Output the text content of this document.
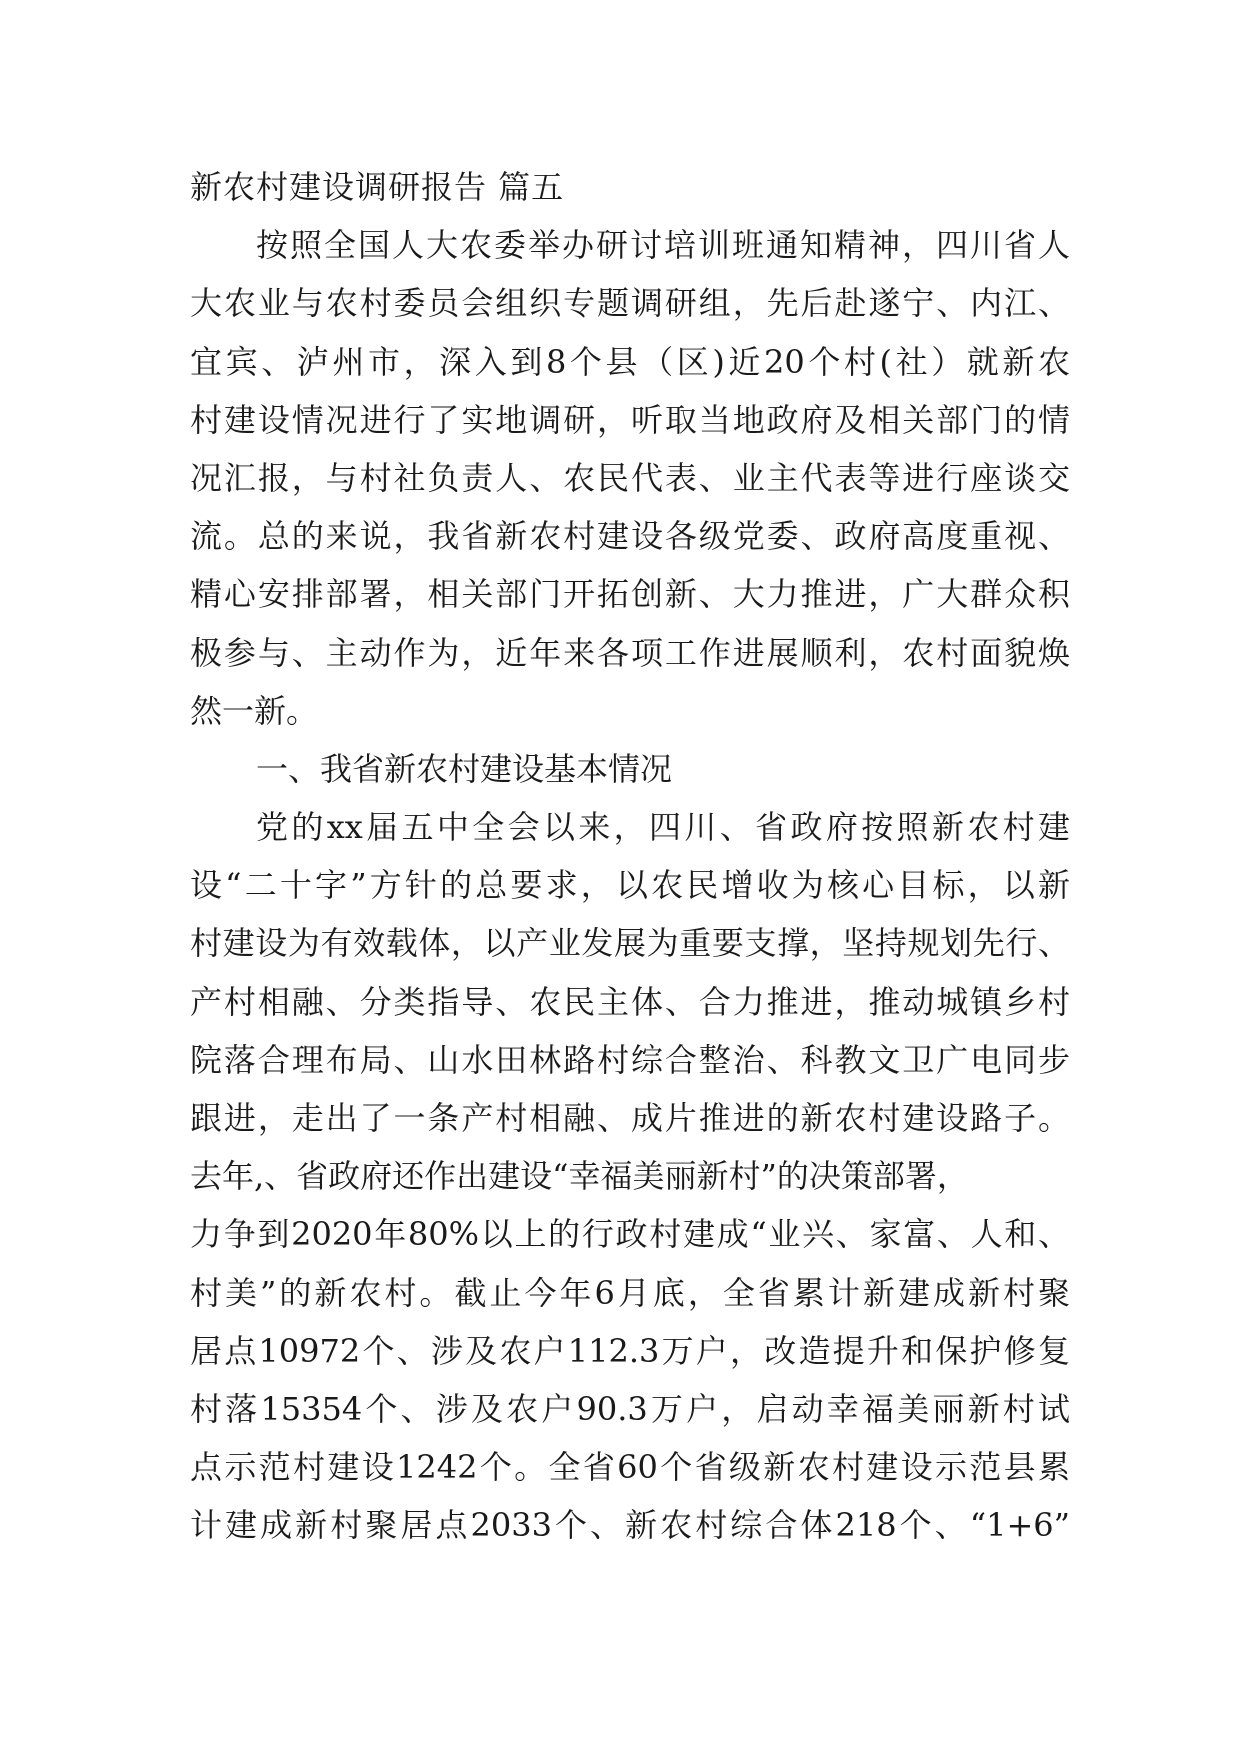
新农村建设调研报告 篇五
按照全国人大农委举办研讨培训班通知精神，四川省人
大农业与农村委员会组织专题调研组，先后赴遂宁、内江、
宜宾、泸州市，深入到8个县（区)近20个村(社）就新农
村建设情况进行了实地调研，听取当地政府及相关部门的情
况汇报，与村社负责人、农民代表、业主代表等进行座谈交
流。总的来说，我省新农村建设各级党委、政府高度重视、
精心安排部署，相关部门开拓创新、大力推进，广大群众积
极参与、主动作为，近年来各项工作进展顺利，农村面貌焕
然一新。
一、我省新农村建设基本情况
党的xx届五中全会以来，四川、省政府按照新农村建
设“二十字”方针的总要求，以农民增收为核心目标，以新
村建设为有效载体，以产业发展为重要支撑，坚持规划先行、
产村相融、分类指导、农民主体、合力推进，推动城镇乡村
院落合理布局、山水田林路村综合整治、科教文卫广电同步
跟进，走出了一条产村相融、成片推进的新农村建设路子。
去年,、省政府还作出建设“幸福美丽新村”的决策部署，
力争到2020年80%以上的行政村建成“业兴、家富、人和、
村美”的新农村。截止今年6月底，全省累计新建成新村聚
居点10972个、涉及农户112.3万户，改造提升和保护修复
村落15354个、涉及农户90.3万户，启动幸福美丽新村试
点示范村建设1242个。全省60个省级新农村建设示范县累
计建成新村聚居点2033个、新农村综合体218个、“1+6”
